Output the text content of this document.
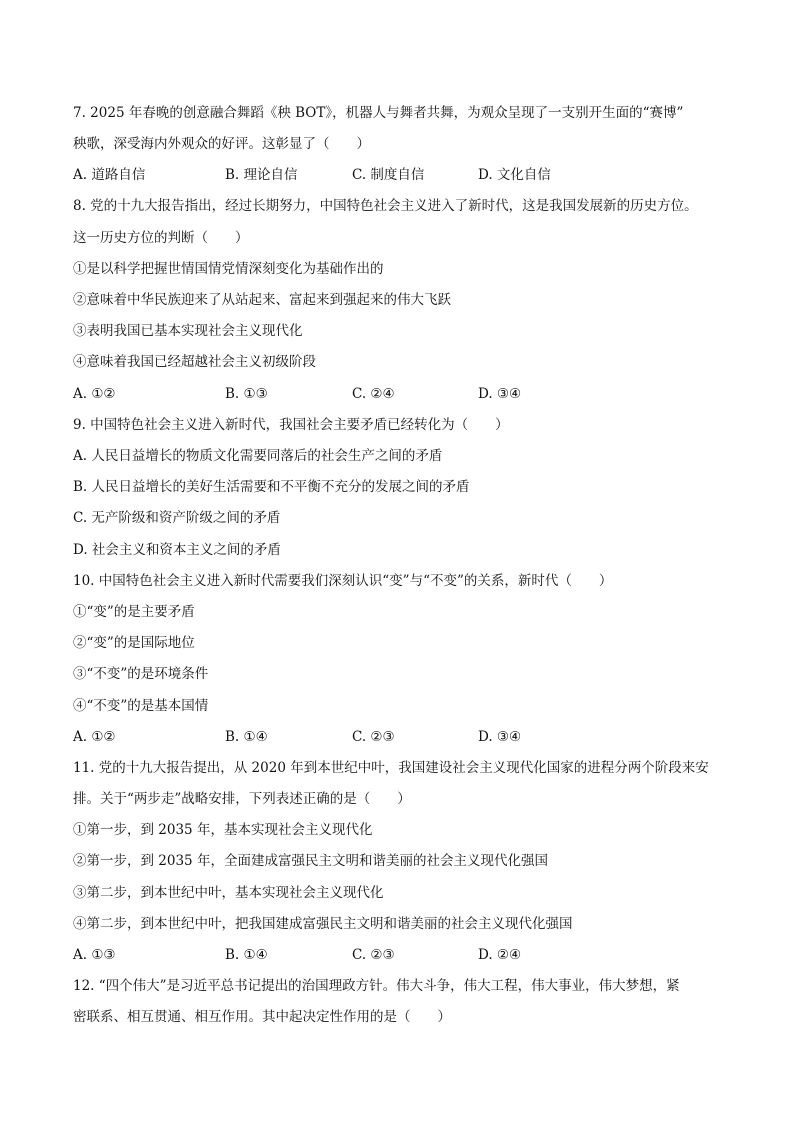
7. 2025 年春晚的创意融合舞蹈《秧 BOT》，机器人与舞者共舞，为观众呈现了一支别开生面的“赛博”
秧歌，深受海内外观众的好评。这彰显了（　　）
A. 道路自信	B. 理论自信	C. 制度自信	D. 文化自信
8. 党的十九大报告指出，经过长期努力，中国特色社会主义进入了新时代，这是我国发展新的历史方位。
这一历史方位的判断（　　）
①是以科学把握世情国情党情深刻变化为基础作出的
②意味着中华民族迎来了从站起来、富起来到强起来的伟大飞跃
③表明我国已基本实现社会主义现代化
④意味着我国已经超越社会主义初级阶段
A. ①②	B. ①③	C. ②④	D. ③④
9. 中国特色社会主义进入新时代，我国社会主要矛盾已经转化为（　　）
A. 人民日益增长的物质文化需要同落后的社会生产之间的矛盾
B. 人民日益增长的美好生活需要和不平衡不充分的发展之间的矛盾
C. 无产阶级和资产阶级之间的矛盾
D. 社会主义和资本主义之间的矛盾
10. 中国特色社会主义进入新时代需要我们深刻认识“变”与“不变”的关系，新时代（　　）
①“变”的是主要矛盾
②“变”的是国际地位
③“不变”的是环境条件
④“不变”的是基本国情
A. ①②	B. ①④	C. ②③	D. ③④
11. 党的十九大报告提出，从 2020 年到本世纪中叶，我国建设社会主义现代化国家的进程分两个阶段来安
排。关于“两步走”战略安排，下列表述正确的是（　　）
①第一步，到 2035 年，基本实现社会主义现代化
②第一步，到 2035 年，全面建成富强民主文明和谐美丽的社会主义现代化强国
③第二步，到本世纪中叶，基本实现社会主义现代化
④第二步，到本世纪中叶，把我国建成富强民主文明和谐美丽的社会主义现代化强国
A. ①③	B. ①④	C. ②③	D. ②④
12. “四个伟大”是习近平总书记提出的治国理政方针。伟大斗争，伟大工程，伟大事业，伟大梦想，紧
密联系、相互贯通、相互作用。其中起决定性作用的是（　　）
